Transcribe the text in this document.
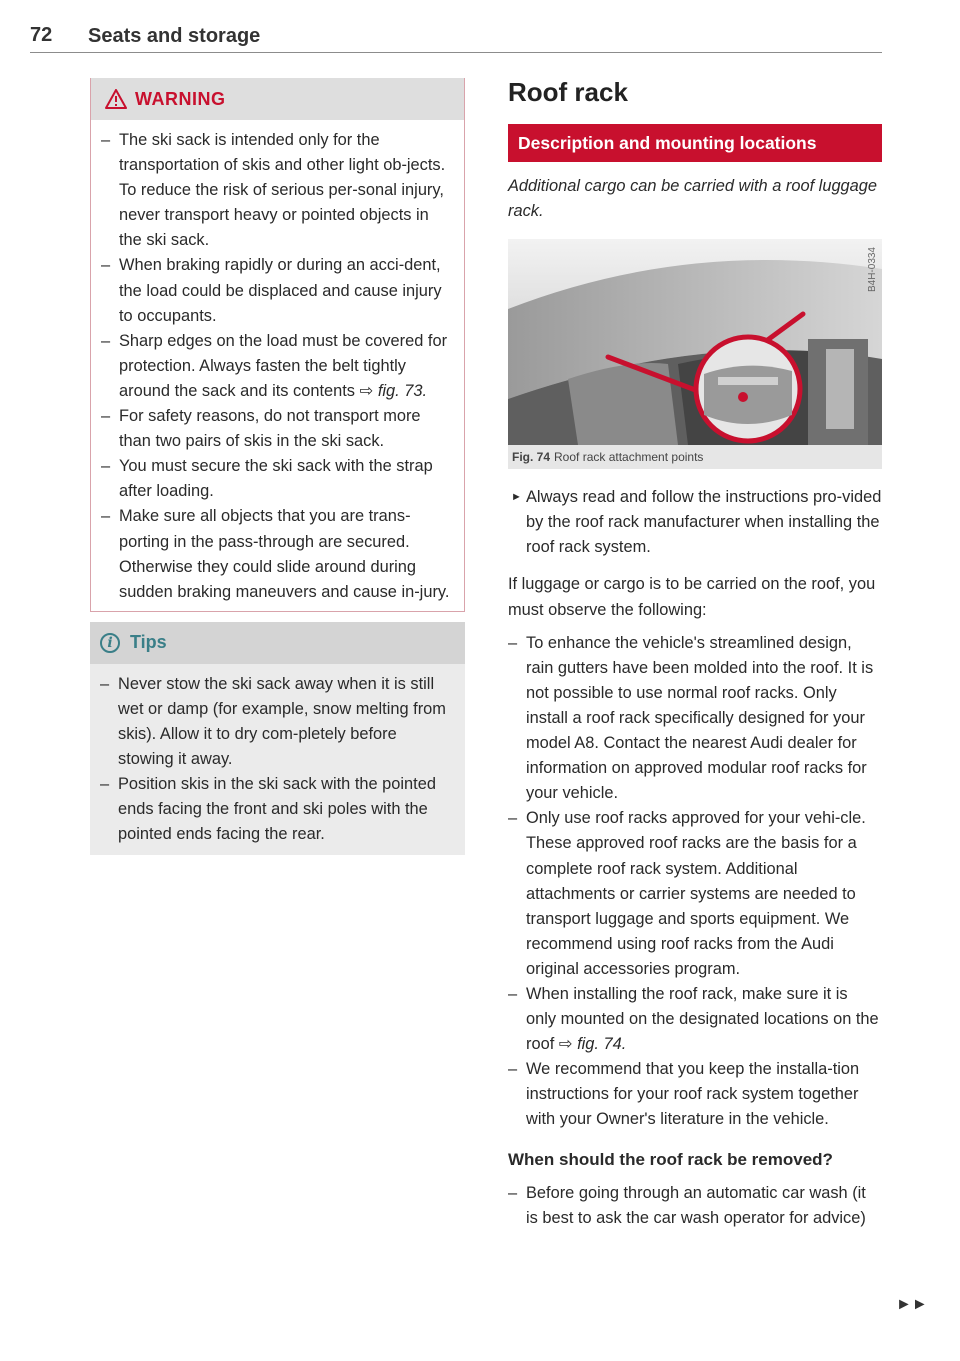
72 Seats and storage
WARNING
– The ski sack is intended only for the transportation of skis and other light ob-jects. To reduce the risk of serious per-sonal injury, never transport heavy or pointed objects in the ski sack.
– When braking rapidly or during an acci-dent, the load could be displaced and cause injury to occupants.
– Sharp edges on the load must be covered for protection. Always fasten the belt tightly around the sack and its contents ⇨ fig. 73.
– For safety reasons, do not transport more than two pairs of skis in the ski sack.
– You must secure the ski sack with the strap after loading.
– Make sure all objects that you are trans-porting in the pass-through are secured. Otherwise they could slide around during sudden braking maneuvers and cause in-jury.
i Tips
– Never stow the ski sack away when it is still wet or damp (for example, snow melting from skis). Allow it to dry com-pletely before stowing it away.
– Position skis in the ski sack with the pointed ends facing the front and ski poles with the pointed ends facing the rear.
Roof rack
Description and mounting locations
Additional cargo can be carried with a roof luggage rack.
B4H-0334
Fig. 74 Roof rack attachment points
► Always read and follow the instructions pro-vided by the roof rack manufacturer when installing the roof rack system.
If luggage or cargo is to be carried on the roof, you must observe the following:
– To enhance the vehicle's streamlined design, rain gutters have been molded into the roof. It is not possible to use normal roof racks. Only install a roof rack specifically designed for your model A8. Contact the nearest Audi dealer for information on approved modular roof racks for your vehicle.
– Only use roof racks approved for your vehi-cle. These approved roof racks are the basis for a complete roof rack system. Additional attachments or carrier systems are needed to transport luggage and sports equipment. We recommend using roof racks from the Audi original accessories program.
– When installing the roof rack, make sure it is only mounted on the designated locations on the roof ⇨ fig. 74.
– We recommend that you keep the installa-tion instructions for your roof rack system together with your Owner's literature in the vehicle.
When should the roof rack be removed?
– Before going through an automatic car wash (it is best to ask the car wash operator for advice)
►►
